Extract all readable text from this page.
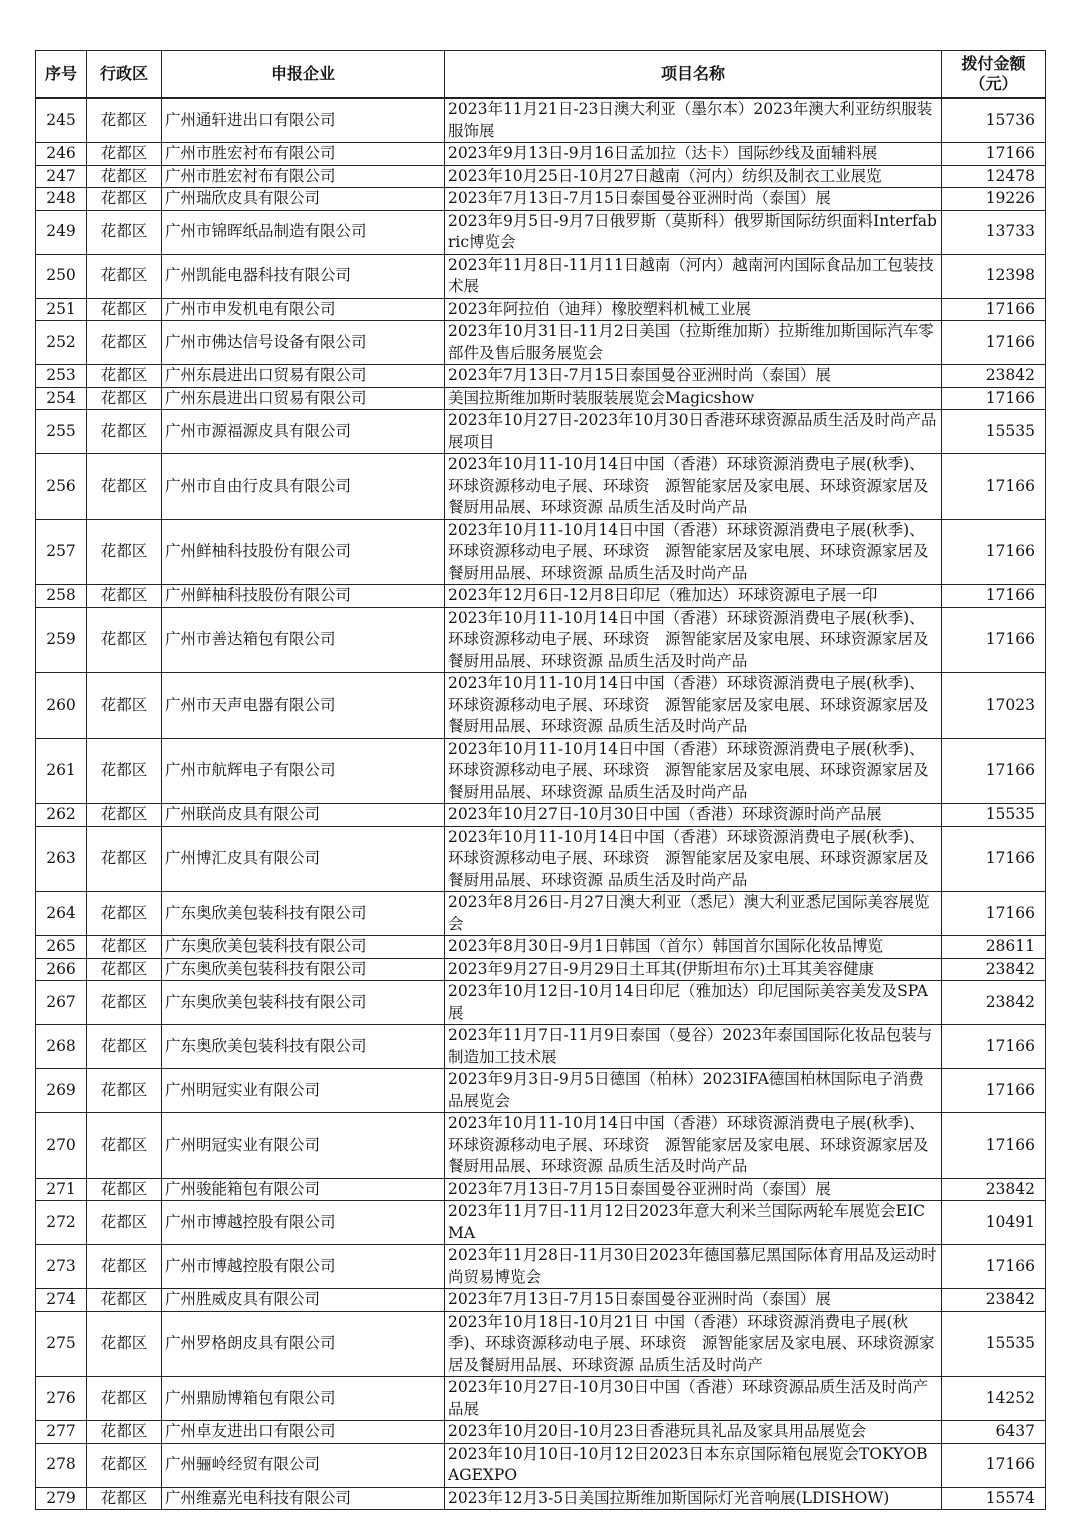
序号	行政区	申报企业	项目名称	拨付金额（元）
245	花都区	广州通轩进出口有限公司	2023年11月21日-23日澳大利亚（墨尔本）2023年澳大利亚纺织服装服饰展	15736
246	花都区	广州市胜宏衬布有限公司	2023年9月13日-9月16日孟加拉（达卡）国际纱线及面辅料展	17166
247	花都区	广州市胜宏衬布有限公司	2023年10月25日-10月27日越南（河内）纺织及制衣工业展览	12478
248	花都区	广州瑞欣皮具有限公司	2023年7月13日-7月15日泰国曼谷亚洲时尚（泰国）展	19226
249	花都区	广州市锦晖纸品制造有限公司	2023年9月5日-9月7日俄罗斯（莫斯科）俄罗斯国际纺织面料Interfabric博览会	13733
250	花都区	广州凯能电器科技有限公司	2023年11月8日-11月11日越南（河内）越南河内国际食品加工包装技术展	12398
251	花都区	广州市申发机电有限公司	2023年阿拉伯（迪拜）橡胶塑料机械工业展	17166
252	花都区	广州市佛达信号设备有限公司	2023年10月31日-11月2日美国（拉斯维加斯）拉斯维加斯国际汽车零部件及售后服务展览会	17166
253	花都区	广州东晨进出口贸易有限公司	2023年7月13日-7月15日泰国曼谷亚洲时尚（泰国）展	23842
254	花都区	广州东晨进出口贸易有限公司	美国拉斯维加斯时装服装展览会Magicshow	17166
255	花都区	广州市源福源皮具有限公司	2023年10月27日-2023年10月30日香港环球资源品质生活及时尚产品展项目	15535
256	花都区	广州市自由行皮具有限公司	2023年10月11-10月14日中国（香港）环球资源消费电子展(秋季)、环球资源移动电子展、环球资　源智能家居及家电展、环球资源家居及餐厨用品展、环球资源 品质生活及时尚产品	17166
257	花都区	广州鲜柚科技股份有限公司	2023年10月11-10月14日中国（香港）环球资源消费电子展(秋季)、环球资源移动电子展、环球资　源智能家居及家电展、环球资源家居及餐厨用品展、环球资源 品质生活及时尚产品	17166
258	花都区	广州鲜柚科技股份有限公司	2023年12月6日-12月8日印尼（雅加达）环球资源电子展一印	17166
259	花都区	广州市善达箱包有限公司	2023年10月11-10月14日中国（香港）环球资源消费电子展(秋季)、环球资源移动电子展、环球资　源智能家居及家电展、环球资源家居及餐厨用品展、环球资源 品质生活及时尚产品	17166
260	花都区	广州市天声电器有限公司	2023年10月11-10月14日中国（香港）环球资源消费电子展(秋季)、环球资源移动电子展、环球资　源智能家居及家电展、环球资源家居及餐厨用品展、环球资源 品质生活及时尚产品	17023
261	花都区	广州市航辉电子有限公司	2023年10月11-10月14日中国（香港）环球资源消费电子展(秋季)、环球资源移动电子展、环球资　源智能家居及家电展、环球资源家居及餐厨用品展、环球资源 品质生活及时尚产品	17166
262	花都区	广州联尚皮具有限公司	2023年10月27日-10月30日中国（香港）环球资源时尚产品展	15535
263	花都区	广州博汇皮具有限公司	2023年10月11-10月14日中国（香港）环球资源消费电子展(秋季)、环球资源移动电子展、环球资　源智能家居及家电展、环球资源家居及餐厨用品展、环球资源 品质生活及时尚产品	17166
264	花都区	广东奥欣美包装科技有限公司	2023年8月26日-月27日澳大利亚（悉尼）澳大利亚悉尼国际美容展览会	17166
265	花都区	广东奥欣美包装科技有限公司	2023年8月30日-9月1日韩国（首尔）韩国首尔国际化妆品博览	28611
266	花都区	广东奥欣美包装科技有限公司	2023年9月27日-9月29日土耳其(伊斯坦布尔)土耳其美容健康	23842
267	花都区	广东奥欣美包装科技有限公司	2023年10月12日-10月14日印尼（雅加达）印尼国际美容美发及SPA展	23842
268	花都区	广东奥欣美包装科技有限公司	2023年11月7日-11月9日泰国（曼谷）2023年泰国国际化妆品包装与制造加工技术展	17166
269	花都区	广州明冠实业有限公司	2023年9月3日-9月5日德国（柏林）2023IFA德国柏林国际电子消费品展览会	17166
270	花都区	广州明冠实业有限公司	2023年10月11-10月14日中国（香港）环球资源消费电子展(秋季)、环球资源移动电子展、环球资　源智能家居及家电展、环球资源家居及餐厨用品展、环球资源 品质生活及时尚产品	17166
271	花都区	广州骏能箱包有限公司	2023年7月13日-7月15日泰国曼谷亚洲时尚（泰国）展	23842
272	花都区	广州市博越控股有限公司	2023年11月7日-11月12日2023年意大利米兰国际两轮车展览会EICMA	10491
273	花都区	广州市博越控股有限公司	2023年11月28日-11月30日2023年德国慕尼黑国际体育用品及运动时尚贸易博览会	17166
274	花都区	广州胜威皮具有限公司	2023年7月13日-7月15日泰国曼谷亚洲时尚（泰国）展	23842
275	花都区	广州罗格朗皮具有限公司	2023年10月18日-10月21日 中国（香港）环球资源消费电子展(秋季)、环球资源移动电子展、环球资　源智能家居及家电展、环球资源家居及餐厨用品展、环球资源 品质生活及时尚产	15535
276	花都区	广州鼎励博箱包有限公司	2023年10月27日-10月30日中国（香港）环球资源品质生活及时尚产品展	14252
277	花都区	广州卓友进出口有限公司	2023年10月20日-10月23日香港玩具礼品及家具用品展览会	6437
278	花都区	广州骊岭经贸有限公司	2023年10月10日-10月12日2023日本东京国际箱包展览会TOKYOBAGEXPO	17166
279	花都区	广州维嘉光电科技有限公司	2023年12月3-5日美国拉斯维加斯国际灯光音响展(LDISHOW)	15574
